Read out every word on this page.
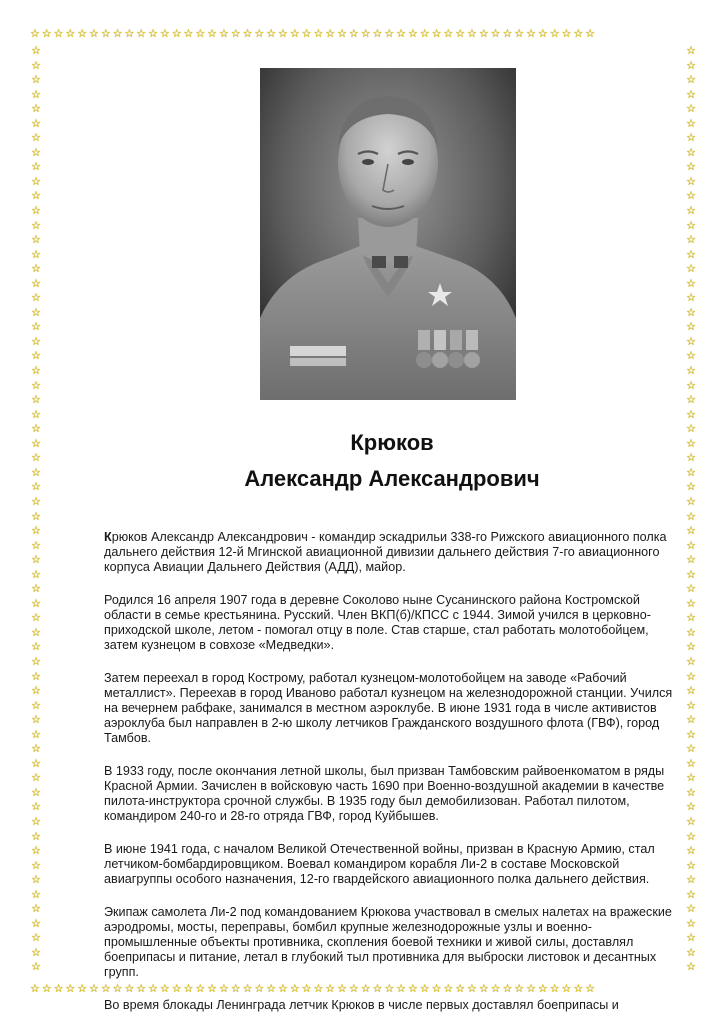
☆☆☆☆☆☆☆☆☆☆☆☆☆☆☆☆☆☆☆☆☆☆☆☆☆☆☆☆☆☆☆☆☆☆☆☆☆☆☆☆☆☆☆☆☆☆☆☆
☆☆☆☆☆☆☆☆☆☆☆☆☆☆☆☆☆☆☆☆☆☆☆☆☆☆☆☆☆☆☆☆☆☆☆☆☆☆☆☆☆☆☆☆☆☆☆☆
☆
☆
☆
☆
☆
☆
☆
☆
☆
☆
☆
☆
☆
☆
☆
☆
☆
☆
☆
☆
☆
☆
☆
☆
☆
☆
☆
☆
☆
☆
☆
☆
☆
☆
☆
☆
☆
☆
☆
☆
☆
☆
☆
☆
☆
☆
☆
☆
☆
☆
☆
☆
☆
☆
☆
☆
☆
☆
☆
☆
☆
☆
☆
☆
☆
☆
☆
☆
☆
☆
☆
☆
☆
☆
☆
☆
☆
☆
☆
☆
☆
☆
☆
☆
☆
☆
☆
☆
☆
☆
☆
☆
☆
☆
☆
☆
☆
☆
☆
☆
☆
☆
☆
☆
☆
☆
☆
☆
☆
☆
☆
☆
☆
☆
☆
☆
☆
☆
☆
☆
☆
☆
☆
☆
☆
☆
☆
☆
Крюков
Александр Александрович

Крюков Александр Александрович - командир эскадрильи 338-го Рижского авиационного полка дальнего действия 12-й Мгинской авиационной дивизии дальнего действия 7-го авиационного корпуса Авиации Дальнего Действия (АДД), майор.

Родился 16 апреля 1907 года в деревне Соколово ныне Сусанинского района Костромской области в семье крестьянина. Русский. Член ВКП(б)/КПСС с 1944. Зимой учился в церковно-приходской школе, летом - помогал отцу в поле. Став старше, стал работать молотобойцем, затем кузнецом в совхозе «Медведки».

Затем переехал в город Кострому, работал кузнецом-молотобойцем на заводе «Рабочий металлист». Переехав в город Иваново работал кузнецом на железнодорожной станции. Учился на вечернем рабфаке, занимался в местном аэроклубе. В июне 1931 года в числе активистов аэроклуба был направлен в 2-ю школу летчиков Гражданского воздушного флота (ГВФ), город Тамбов.

В 1933 году, после окончания летной школы, был призван Тамбовским райвоенкоматом в ряды Красной Армии. Зачислен в войсковую часть 1690 при Военно-воздушной академии в качестве пилота-инструктора срочной службы. В 1935 году был демобилизован. Работал пилотом, командиром 240-го и 28-го отряда ГВФ, город Куйбышев.

В июне 1941 года, с началом Великой Отечественной войны, призван в Красную Армию, стал летчиком-бомбардировщиком. Воевал командиром корабля Ли-2 в составе Московской авиагруппы особого назначения, 12-го гвардейского авиационного полка дальнего действия.

Экипаж самолета Ли-2 под командованием Крюкова участвовал в смелых налетах на вражеские аэродромы, мосты, переправы, бомбил крупные железнодорожные узлы и военно-промышленные объекты противника, скопления боевой техники и живой силы, доставлял боеприпасы и питание, летал в глубокий тыл противника для выброски листовок и десантных групп.

Во время блокады Ленинграда летчик Крюков в числе первых доставлял боеприпасы и
